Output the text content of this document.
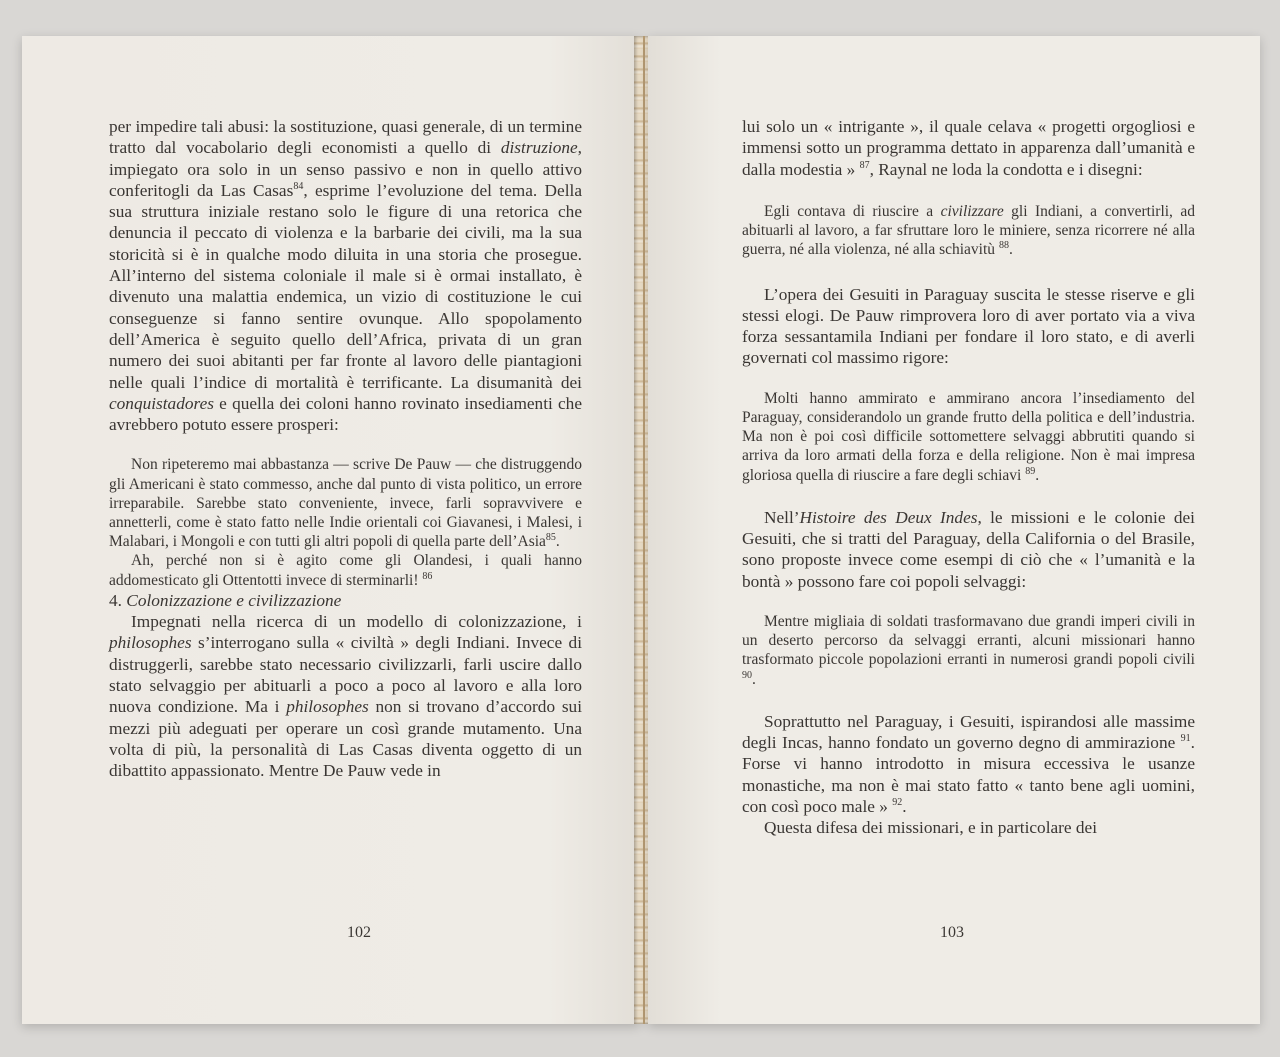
per impedire tali abusi: la sostituzione, quasi generale, di un termine tratto dal vocabolario degli economisti a quello di distruzione, impiegato ora solo in un senso passivo e non in quello attivo conferitogli da Las Casas$^{84}$, esprime l’evoluzione del tema. Della sua struttura iniziale restano solo le figure di una retorica che denuncia il peccato di violenza e la barbarie dei civili, ma la sua storicità si è in qualche modo diluita in una storia che prosegue. All’interno del sistema coloniale il male si è ormai installato, è divenuto una malattia endemica, un vizio di costituzione le cui conseguenze si fanno sentire ovunque. Allo spopolamento dell’America è seguito quello dell’Africa, privata di un gran numero dei suoi abitanti per far fronte al lavoro delle piantagioni nelle quali l’indice di mortalità è terrificante. La disumanità dei conquistadores e quella dei coloni hanno rovinato insediamenti che avrebbero potuto essere prosperi:

Non ripeteremo mai abbastanza — scrive De Pauw — che distruggendo gli Americani è stato commesso, anche dal punto di vista politico, un errore irreparabile. Sarebbe stato conveniente, invece, farli sopravvivere e annetterli, come è stato fatto nelle Indie orientali coi Giavanesi, i Malesi, i Malabari, i Mongoli e con tutti gli altri popoli di quella parte dell’Asia$^{85}$.

Ah, perché non si è agito come gli Olandesi, i quali hanno addomesticato gli Ottentotti invece di sterminarli! $^{86}$

4. Colonizzazione e civilizzazione

Impegnati nella ricerca di un modello di colonizzazione, i philosophes s’interrogano sulla « civiltà » degli Indiani. Invece di distruggerli, sarebbe stato necessario civilizzarli, farli uscire dallo stato selvaggio per abituarli a poco a poco al lavoro e alla loro nuova condizione. Ma i philosophes non si trovano d’accordo sui mezzi più adeguati per operare un così grande mutamento. Una volta di più, la personalità di Las Casas diventa oggetto di un dibattito appassionato. Mentre De Pauw vede in

102

lui solo un « intrigante », il quale celava « progetti orgogliosi e immensi sotto un programma dettato in apparenza dall’umanità e dalla modestia » $^{87}$, Raynal ne loda la condotta e i disegni:

Egli contava di riuscire a civilizzare gli Indiani, a convertirli, ad abituarli al lavoro, a far sfruttare loro le miniere, senza ricorrere né alla guerra, né alla violenza, né alla schiavitù $^{88}$.

L’opera dei Gesuiti in Paraguay suscita le stesse riserve e gli stessi elogi. De Pauw rimprovera loro di aver portato via a viva forza sessantamila Indiani per fondare il loro stato, e di averli governati col massimo rigore:

Molti hanno ammirato e ammirano ancora l’insediamento del Paraguay, considerandolo un grande frutto della politica e dell’industria. Ma non è poi così difficile sottomettere selvaggi abbrutiti quando si arriva da loro armati della forza e della religione. Non è mai impresa gloriosa quella di riuscire a fare degli schiavi $^{89}$.

Nell’Histoire des Deux Indes, le missioni e le colonie dei Gesuiti, che si tratti del Paraguay, della California o del Brasile, sono proposte invece come esempi di ciò che « l’umanità e la bontà » possono fare coi popoli selvaggi:

Mentre migliaia di soldati trasformavano due grandi imperi civili in un deserto percorso da selvaggi erranti, alcuni missionari hanno trasformato piccole popolazioni erranti in numerosi grandi popoli civili $^{90}$.

Soprattutto nel Paraguay, i Gesuiti, ispirandosi alle massime degli Incas, hanno fondato un governo degno di ammirazione $^{91}$. Forse vi hanno introdotto in misura eccessiva le usanze monastiche, ma non è mai stato fatto « tanto bene agli uomini, con così poco male » $^{92}$.

Questa difesa dei missionari, e in particolare dei

103
